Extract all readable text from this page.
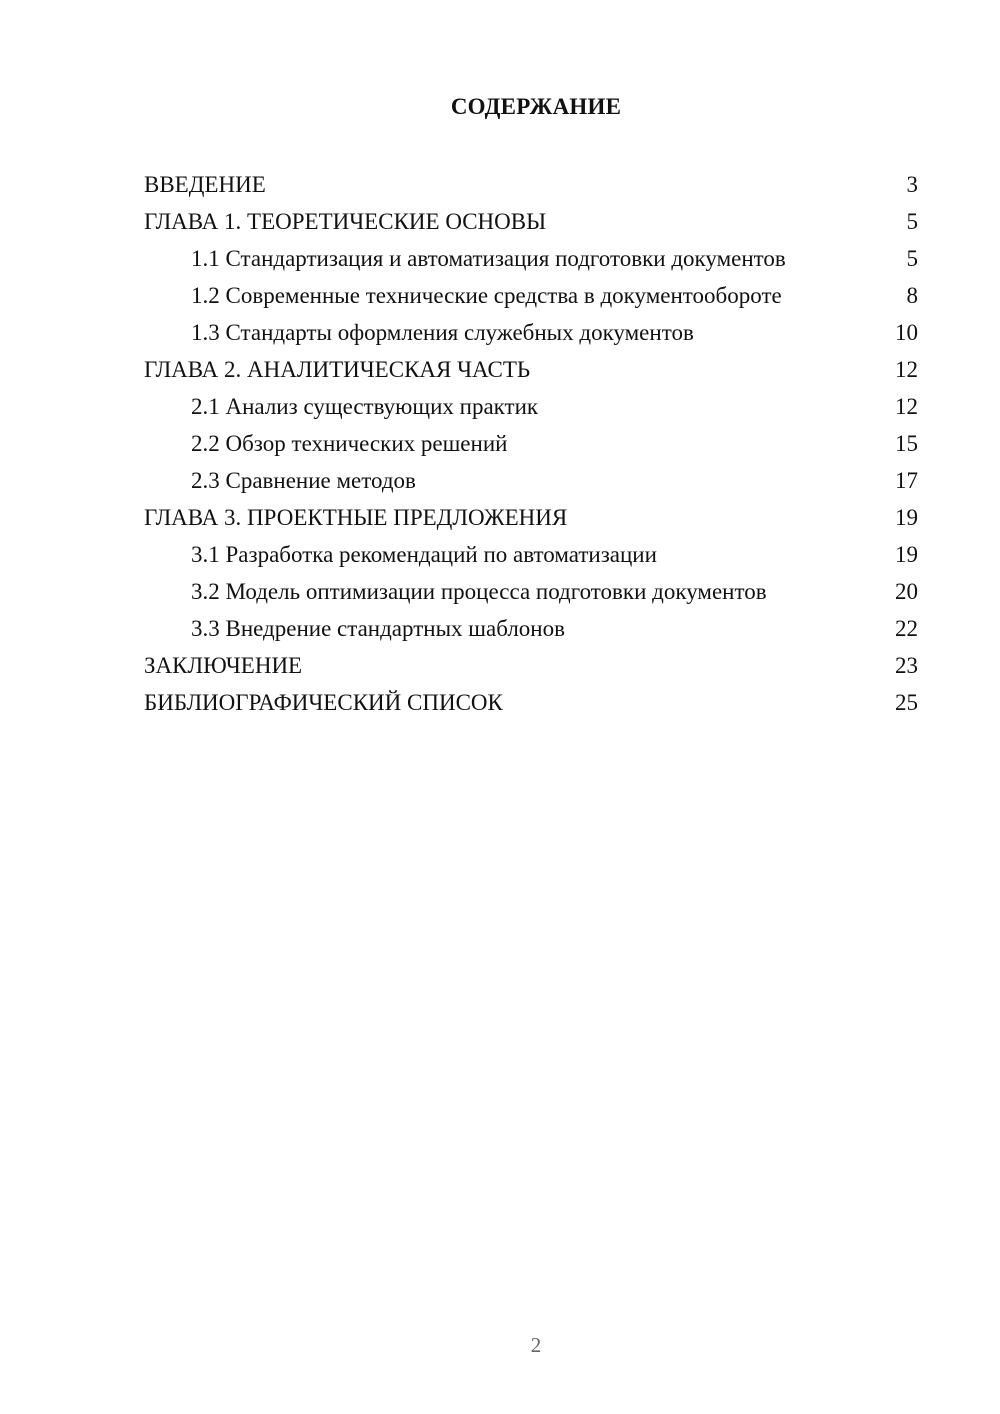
СОДЕРЖАНИЕ
ВВЕДЕНИЕ	3
ГЛАВА 1. ТЕОРЕТИЧЕСКИЕ ОСНОВЫ	5
1.1 Стандартизация и автоматизация подготовки документов	5
1.2 Современные технические средства в документообороте	8
1.3 Стандарты оформления служебных документов	10
ГЛАВА 2. АНАЛИТИЧЕСКАЯ ЧАСТЬ	12
2.1 Анализ существующих практик	12
2.2 Обзор технических решений	15
2.3 Сравнение методов	17
ГЛАВА 3. ПРОЕКТНЫЕ ПРЕДЛОЖЕНИЯ	19
3.1 Разработка рекомендаций по автоматизации	19
3.2 Модель оптимизации процесса подготовки документов	20
3.3 Внедрение стандартных шаблонов	22
ЗАКЛЮЧЕНИЕ	23
БИБЛИОГРАФИЧЕСКИЙ СПИСОК	25
2
